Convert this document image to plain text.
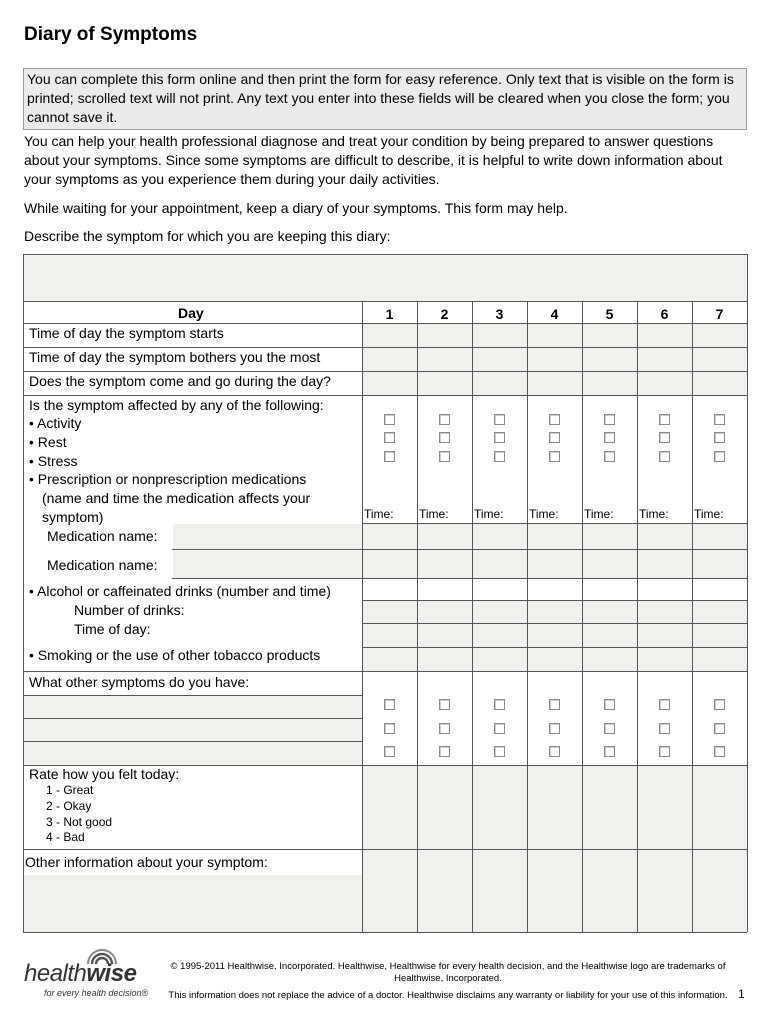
Diary of Symptoms
You can complete this form online and then print the form for easy reference. Only text that is visible on the form is printed; scrolled text will not print. Any text you enter into these fields will be cleared when you close the form; you cannot save it.
You can help your health professional diagnose and treat your condition by being prepared to answer questions about your symptoms. Since some symptoms are difficult to describe, it is helpful to write down information about your symptoms as you experience them during your daily activities.
While waiting for your appointment, keep a diary of your symptoms. This form may help.
Describe the symptom for which you are keeping this diary:
Day	1	2	3	4	5	6	7
Time of day the symptom starts
Time of day the symptom bothers you the most
Does the symptom come and go during the day?
Is the symptom affected by any of the following:
• Activity
• Rest
• Stress
• Prescription or nonprescription medications
(name and time the medication affects your
symptom)	Time: Time: Time: Time: Time: Time: Time:
Medication name:
Medication name:
• Alcohol or caffeinated drinks (number and time)
Number of drinks:
Time of day:
• Smoking or the use of other tobacco products
What other symptoms do you have:
Rate how you felt today:
1 - Great
2 - Okay
3 - Not good
4 - Bad
Other information about your symptom:
healthwise
for every health decision®
© 1995-2011 Healthwise, Incorporated. Healthwise, Healthwise for every health decision, and the Healthwise logo are trademarks of Healthwise, Incorporated.
This information does not replace the advice of a doctor. Healthwise disclaims any warranty or liability for your use of this information. 1
